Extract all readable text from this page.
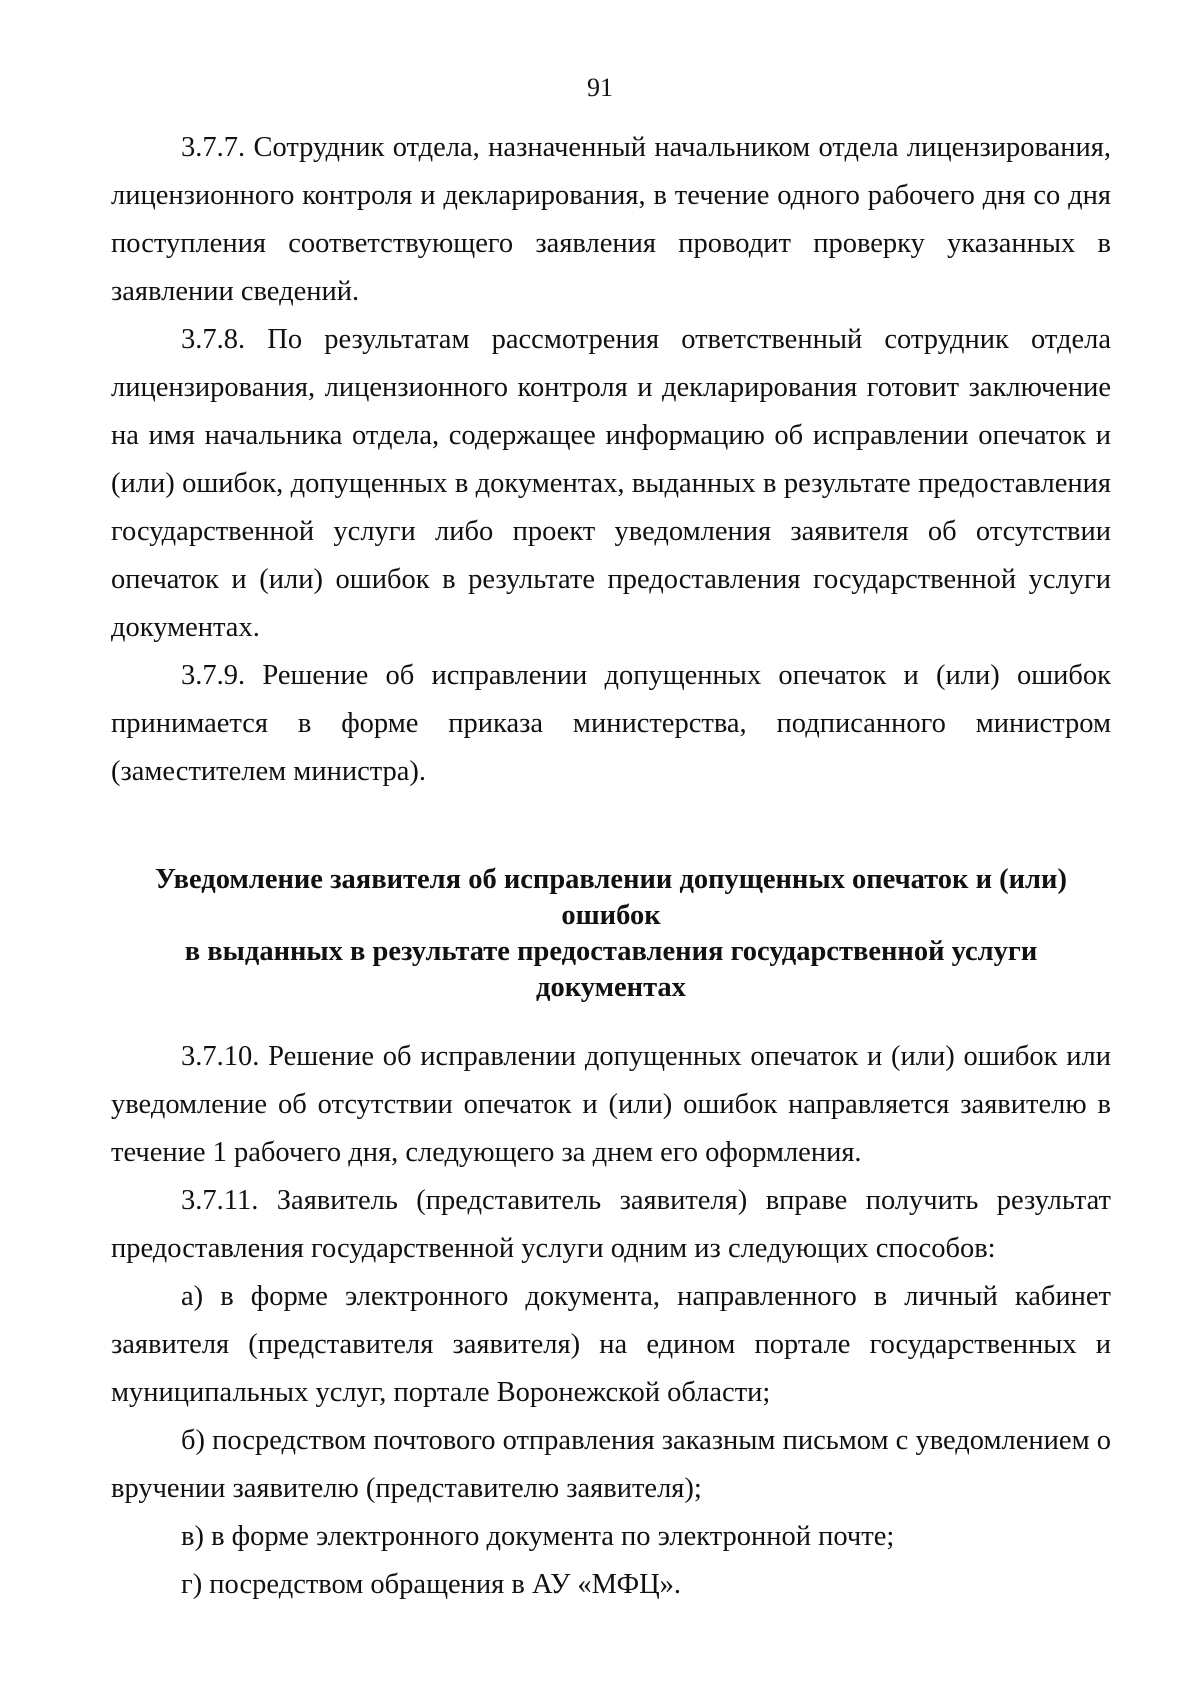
91

3.7.7. Сотрудник отдела, назначенный начальником отдела лицензирования, лицензионного контроля и декларирования, в течение одного рабочего дня со дня поступления соответствующего заявления проводит проверку указанных в заявлении сведений.

3.7.8. По результатам рассмотрения ответственный сотрудник отдела лицензирования, лицензионного контроля и декларирования готовит заключение на имя начальника отдела, содержащее информацию об исправлении опечаток и (или) ошибок, допущенных в документах, выданных в результате предоставления государственной услуги либо проект уведомления заявителя об отсутствии опечаток и (или) ошибок в результате предоставления государственной услуги документах.

3.7.9. Решение об исправлении допущенных опечаток и (или) ошибок принимается в форме приказа министерства, подписанного министром (заместителем министра).

Уведомление заявителя об исправлении допущенных опечаток и (или) ошибок
в выданных в результате предоставления государственной услуги документах

3.7.10. Решение об исправлении допущенных опечаток и (или) ошибок или уведомление об отсутствии опечаток и (или) ошибок направляется заявителю в течение 1 рабочего дня, следующего за днем его оформления.

3.7.11. Заявитель (представитель заявителя) вправе получить результат предоставления государственной услуги одним из следующих способов:

а) в форме электронного документа, направленного в личный кабинет заявителя (представителя заявителя) на едином портале государственных и муниципальных услуг, портале Воронежской области;

б) посредством почтового отправления заказным письмом с уведомлением о вручении заявителю (представителю заявителя);

в) в форме электронного документа по электронной почте;

г) посредством обращения в АУ «МФЦ».
